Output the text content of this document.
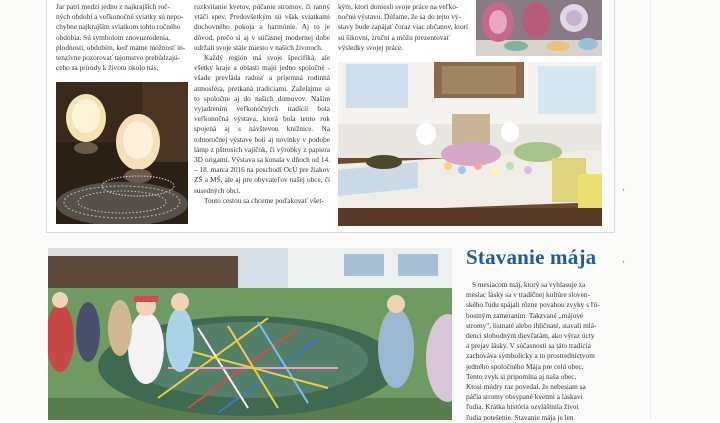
Jar patrí medzi jedno z najkrajších roč-

ných období a veľkonočné sviatky sú nepo-

chybne najkrajším sviatkom tohto ročného

obdobia. Sú symbolom znovuzrodenia,

plodnosti, obdobím, keď máme možnosť in-

tenzívne pozorovať tajomstvo prebúdzajú-

ceho sa prírody k životu okolo nás,

rozkvitanie kvetov, púčanie stromov, či ranný vtáčí spev. Predovšetkým sú však sviatkami duchovného pokoja a harmónie. Aj to je dôvod, prečo si aj v súčasnej modernej dobe udržali svoje stále miesto v našich životoch.

Každý región má svoje špecifiká, ale všetky kraje a oblasti majú jedno spoločné - všade prevláda radosť a príjemná rodinná atmosféra, pretkaná tradíciami. Zaželajme si to spoločne aj do našich domovov. Naším vyjadrením veľkonočných tradícií bola veľkonočná výstava, ktorá bola tento rok spojená aj s návštevou knižnice. Na tohtoročnej výstave boli aj novinky v podobe lámp z pštrosích vajíčok, či výrobky z papiera 3D origami. Výstava sa konala v dňoch od 14. – 18. marca 2016 na poschodí OcÚ pre žiakov ZŠ a MŠ, ale aj pre obyvateľov našej obce, či susedných obcí.

Touto cestou sa chceme poďakovať všet-

kým, ktorí doniesli svoje práce na veľko-

nočnú výstavu. Dúfame, že sa do tejto vý-

stavy bude zapájať čoraz viac občanov, ktorí

sú šikovní, zruční a môžu prezentovať

výsledky svojej práce.

Stavanie mája

S mesiacom máj, ktorý sa vyhlasuje za

mesiac lásky sa v tradičnej kultúre sloven-

ského ľudu spájali rôzne povahou zvyky s ľú-

bostným zameraním. Takzvané „májové

stromy", listnaté alebo ihličnaté, stavali mlá-

denci slobodným dievčatám, ako výraz úcty

a prejav lásky. V súčasnosti sa táto tradícia

zachováva symbolicky a to prostredníctvom

jedného spoločného Mája pre celú obec.

Tento zvyk si pripomína aj naša obec.

Ktosi múdry raz povedal, že nebesiam sa

páčia stromy obsypané kvetmi a láskavi

ľudia. Krátka história ozvláštnila život

ľudia potešenie. Stavanie mája je len

‹
‹
